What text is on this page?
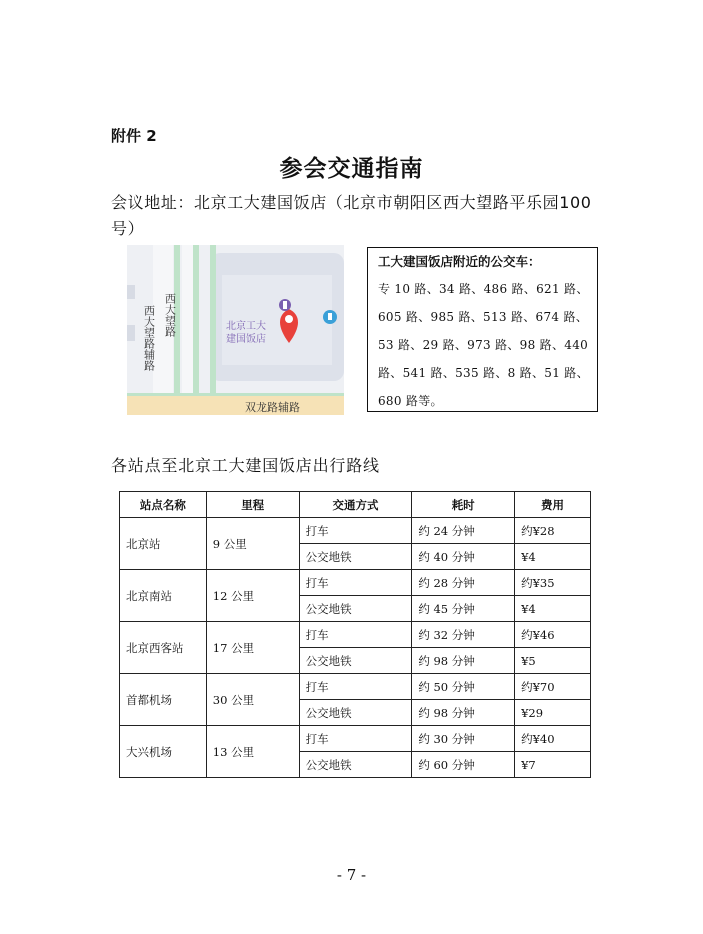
附件 2
参会交通指南
会议地址：北京工大建国饭店（北京市朝阳区西大望路平乐园100 号）
西大望路
西大望路辅路
双龙路辅路
北京工大
建国饭店
工大建国饭店附近的公交车：
专 10 路、34 路、486 路、621 路、605 路、985 路、513 路、674 路、53 路、29 路、973 路、98 路、440 路、541 路、535 路、8 路、51 路、680 路等。
各站点至北京工大建国饭店出行路线
站点名称	里程	交通方式	耗时	费用
北京站	9 公里	打车	约 24 分钟	约¥28
		公交地铁	约 40 分钟	¥4
北京南站	12 公里	打车	约 28 分钟	约¥35
		公交地铁	约 45 分钟	¥4
北京西客站	17 公里	打车	约 32 分钟	约¥46
		公交地铁	约 98 分钟	¥5
首都机场	30 公里	打车	约 50 分钟	约¥70
		公交地铁	约 98 分钟	¥29
大兴机场	13 公里	打车	约 30 分钟	约¥40
		公交地铁	约 60 分钟	¥7
- 7 -
